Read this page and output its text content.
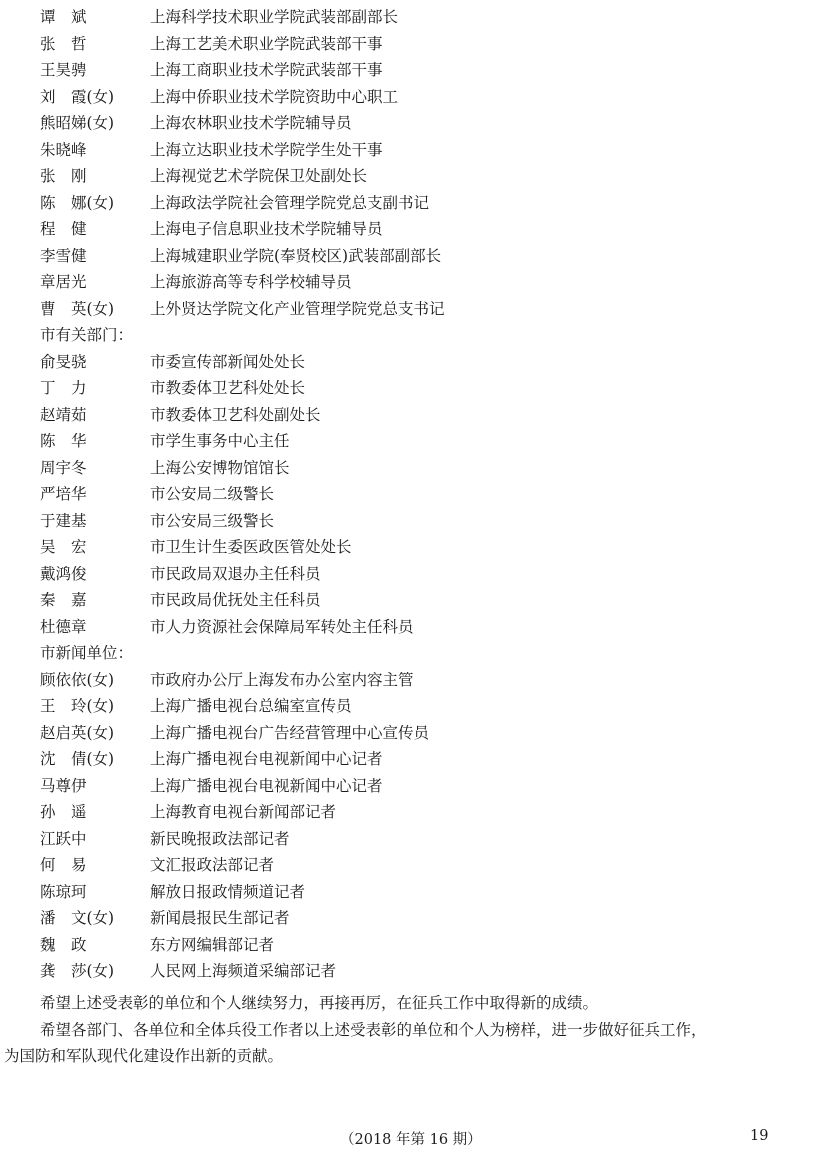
谭　斌	上海科学技术职业学院武装部副部长
张　哲	上海工艺美术职业学院武装部干事
王昊骋	上海工商职业技术学院武装部干事
刘　霞(女) 上海中侨职业技术学院资助中心职工
熊昭娣(女) 上海农林职业技术学院辅导员
朱晓峰	上海立达职业技术学院学生处干事
张　刚	上海视觉艺术学院保卫处副处长
陈　娜(女) 上海政法学院社会管理学院党总支副书记
程　健	上海电子信息职业技术学院辅导员
李雪健	上海城建职业学院(奉贤校区)武装部副部长
章居光	上海旅游高等专科学校辅导员
曹　英(女) 上外贤达学院文化产业管理学院党总支书记
市有关部门：
俞旻骁	市委宣传部新闻处处长
丁　力	市教委体卫艺科处处长
赵靖茹	市教委体卫艺科处副处长
陈　华	市学生事务中心主任
周宇冬	上海公安博物馆馆长
严培华	市公安局二级警长
于建基	市公安局三级警长
吴　宏	市卫生计生委医政医管处处长
戴鸿俊	市民政局双退办主任科员
秦　嘉	市民政局优抚处主任科员
杜德章	市人力资源社会保障局军转处主任科员
市新闻单位：
顾依依(女) 市政府办公厅上海发布办公室内容主管
王　玲(女) 上海广播电视台总编室宣传员
赵启英(女) 上海广播电视台广告经营管理中心宣传员
沈　倩(女) 上海广播电视台电视新闻中心记者
马尊伊	上海广播电视台电视新闻中心记者
孙　遥	上海教育电视台新闻部记者
江跃中	新民晚报政法部记者
何　易	文汇报政法部记者
陈琼珂	解放日报政情频道记者
潘　文(女) 新闻晨报民生部记者
魏　政	东方网编辑部记者
龚　莎(女) 人民网上海频道采编部记者
希望上述受表彰的单位和个人继续努力，再接再厉，在征兵工作中取得新的成绩。
希望各部门、各单位和全体兵役工作者以上述受表彰的单位和个人为榜样，进一步做好征兵工作，
为国防和军队现代化建设作出新的贡献。
（2018 年第 16 期）	19
